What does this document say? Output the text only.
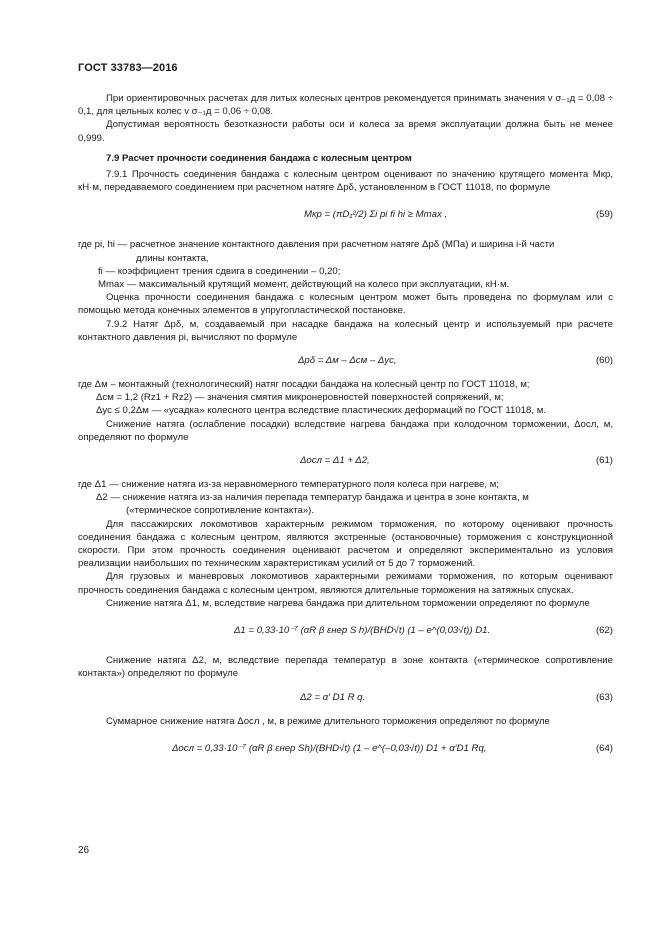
ГОСТ 33783—2016

При ориентировочных расчетах для литых колесных центров рекомендуется принимать значения v σ₋₁д = 0,08 ÷ 0,1, для цельных колес v σ₋₁д = 0,06 ÷ 0,08.

Допустимая вероятность безотказности работы оси и колеса за время эксплуатации должна быть не менее 0,999.

7.9 Расчет прочности соединения бандажа с колесным центром

7.9.1 Прочность соединения бандажа с колесным центром оценивают по значению крутящего момента Mкр, кН·м, передаваемого соединением при расчетном натяге Δрδ, установленном в ГОСТ 11018, по формуле

Mкр = (πD₁²/2) Σi pi fi hi ≥ Mmax ,	(59)

где pi, hi — расчетное значение контактного давления при расчетном натяге Δрδ (МПа) и ширина i-й части

длины контакта,

fi — коэффициент трения сдвига в соединении – 0,20;

Mmax — максимальный крутящий момент, действующий на колесо при эксплуатации, кН·м.

Оценка прочности соединения бандажа с колесным центром может быть проведена по формулам или с помощью метода конечных элементов в упругопластической постановке.

7.9.2 Натяг Δрδ, м, создаваемый при насадке бандажа на колесный центр и используемый при расчете контактного давления pi, вычисляют по формуле

Δрδ = Δм – Δсм – Δус,	(60)

где Δм – монтажный (технологический) натяг посадки бандажа на колесный центр по ГОСТ 11018, м;

Δсм = 1,2 (Rz1 + Rz2) — значения смятия микронеровностей поверхностей сопряжений, м;

Δус ≤ 0,2Δм — «усадка» колесного центра вследствие пластических деформаций по ГОСТ 11018, м.

Снижение натяга (ослабление посадки) вследствие нагрева бандажа при колодочном торможении, Δосл, м, определяют по формуле

Δосл = Δ1 + Δ2,	(61)

где Δ1 — снижение натяга из-за неравномерного температурного поля колеса при нагреве, м;

Δ2 — снижение натяга из-за наличия перепада температур бандажа и центра в зоне контакта, м

(«термическое сопротивление контакта»).

Для пассажирских локомотивов характерным режимом торможения, по которому оценивают прочность соединения бандажа с колесным центром, являются экстренные (остановочные) торможения с конструкционной скорости. При этом прочность соединения оценивают расчетом и определяют экспериментально из условия реализации наибольших по техническим характеристикам усилий от 5 до 7 торможений.

Для грузовых и маневровых локомотивов характерными режимами торможения, по которым оценивают прочность соединения бандажа с колесным центром, являются длительные торможения на затяжных спусках.

Снижение натяга Δ1, м, вследствие нагрева бандажа при длительном торможении определяют по формуле

Δ1 = 0,33·10⁻⁷ (αR β εнер S h)/(BHD√t) (1 – e^(0,03√t)) D1.	(62)

Снижение натяга Δ2, м, вследствие перепада температур в зоне контакта («термическое сопротивление контакта») определяют по формуле

Δ2 = α′ D1 R q.	(63)

Суммарное снижение натяга Δосл , м, в режиме длительного торможения определяют по формуле

Δосл = 0,33·10⁻⁷ (αR β εнер Sh)/(BHD√t) (1 – e^(–0,03√t)) D1 + α′D1 Rq,	(64)
26
